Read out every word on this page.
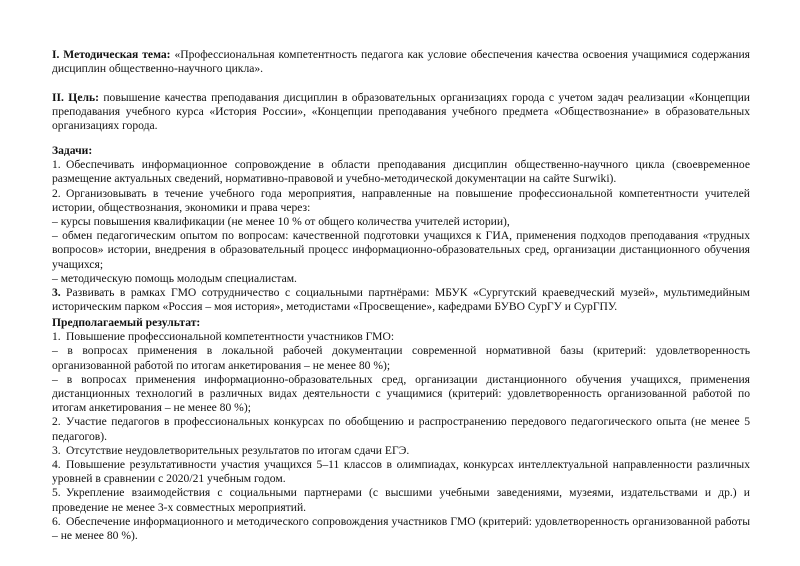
I. Методическая тема: «Профессиональная компетентность педагога как условие обеспечения качества освоения учащимися содержания дисциплин общественно-научного цикла».

II. Цель: повышение качества преподавания дисциплин в образовательных организациях города с учетом задач реализации «Концепции преподавания учебного курса «История России», «Концепции преподавания учебного предмета «Обществознание» в образовательных организациях города.

Задачи:

1. Обеспечивать информационное сопровождение в области преподавания дисциплин общественно-научного цикла (своевременное размещение актуальных сведений, нормативно-правовой и учебно-методической документации на сайте Surwiki).

2. Организовывать в течение учебного года мероприятия, направленные на повышение профессиональной компетентности учителей истории, обществознания, экономики и права через:

– курсы повышения квалификации (не менее 10 % от общего количества учителей истории),

– обмен педагогическим опытом по вопросам: качественной подготовки учащихся к ГИА, применения подходов преподавания «трудных вопросов» истории, внедрения в образовательный процесс информационно-образовательных сред, организации дистанционного обучения учащихся;

– методическую помощь молодым специалистам.

3. Развивать в рамках ГМО сотрудничество с социальными партнёрами: МБУК «Сургутский краеведческий музей», мультимедийным историческим парком «Россия – моя история», методистами «Просвещение», кафедрами БУВО СурГУ и СурГПУ.

Предполагаемый результат:

1. Повышение профессиональной компетентности участников ГМО:

– в вопросах применения в локальной рабочей документации современной нормативной базы (критерий: удовлетворенность организованной работой по итогам анкетирования – не менее 80 %);

– в вопросах применения информационно-образовательных сред, организации дистанционного обучения учащихся, применения дистанционных технологий в различных видах деятельности с учащимися (критерий: удовлетворенность организованной работой по итогам анкетирования – не менее 80 %);

2. Участие педагогов в профессиональных конкурсах по обобщению и распространению передового педагогического опыта (не менее 5 педагогов).

3. Отсутствие неудовлетворительных результатов по итогам сдачи ЕГЭ.

4. Повышение результативности участия учащихся 5–11 классов в олимпиадах, конкурсах интеллектуальной направленности различных уровней в сравнении с 2020/21 учебным годом.

5. Укрепление взаимодействия с социальными партнерами (с высшими учебными заведениями, музеями, издательствами и др.) и проведение не менее 3-х совместных мероприятий.

6. Обеспечение информационного и методического сопровождения участников ГМО (критерий: удовлетворенность организованной работы – не менее 80 %).
